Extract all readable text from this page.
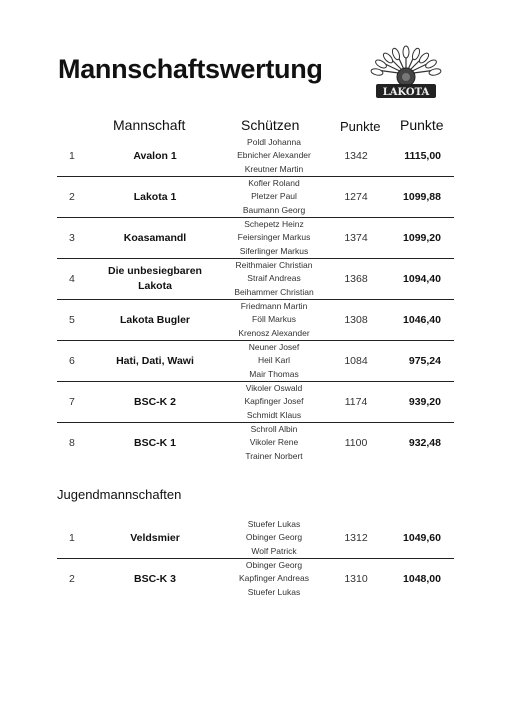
Mannschaftswertung
LAKOTA
Mannschaft	Schützen	Punkte Punkte
1	Avalon 1
Poldl Johanna
Ebnicher Alexander
Kreutner Martin
1342	1115,00
2	Lakota 1
Kofler Roland
Pletzer Paul
Baumann Georg
1274	1099,88
3	Koasamandl
Schepetz Heinz
Feiersinger Markus
Siferlinger Markus
1374	1099,20
4
Die unbesiegbaren Lakota
Reithmaier Christian
Straif Andreas
Beihammer Christian
1368	1094,40
5	Lakota Bugler
Friedmann Martin
Föll Markus
Krenosz Alexander
1308	1046,40
6	Hati, Dati, Wawi
Neuner Josef
Heil Karl
Mair Thomas
1084	975,24
7	BSC-K 2
Vikoler Oswald
Kapfinger Josef
Schmidt Klaus
1174	939,20
8	BSC-K 1
Schroll Albin
Vikoler Rene
Trainer Norbert
1100	932,48
Jugendmannschaften
1	Veldsmier
Stuefer Lukas
Obinger Georg
Wolf Patrick
1312	1049,60
2	BSC-K 3
Obinger Georg
Kapfinger Andreas
Stuefer Lukas
1310	1048,00
